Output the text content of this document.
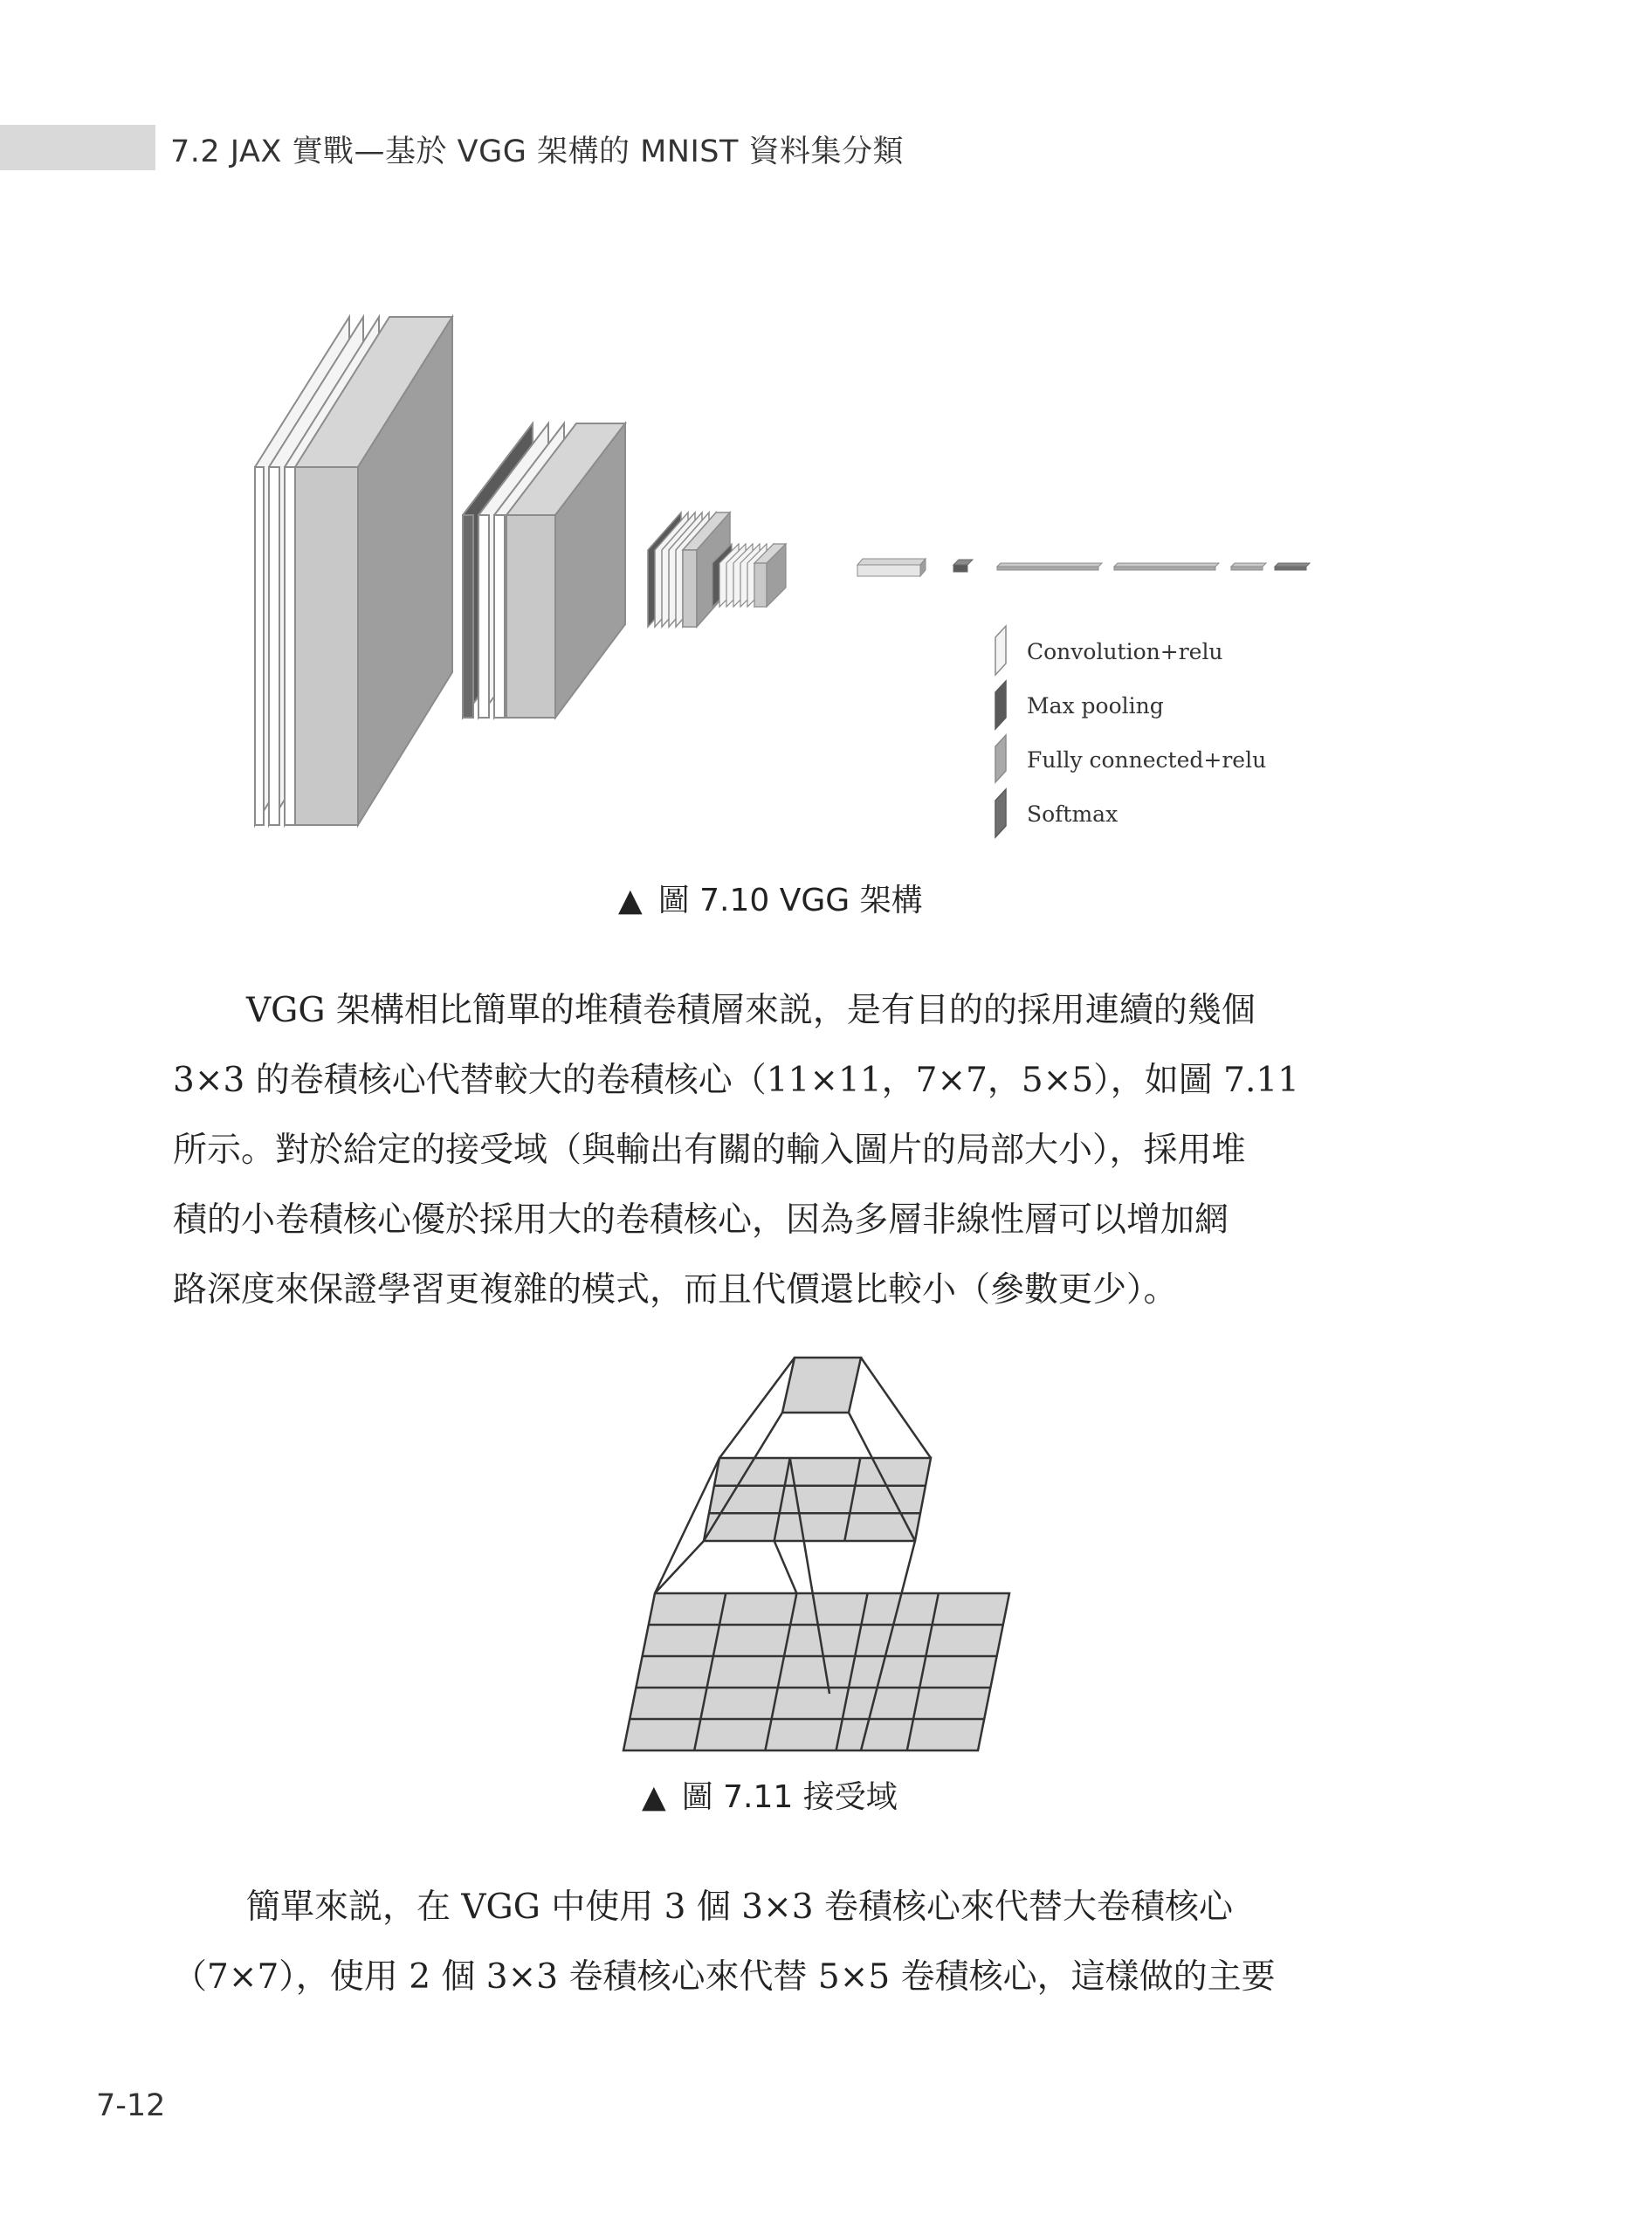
7.2 JAX 實戰—基於 VGG 架構的 MNIST 資料集分類
Convolution+relu
Max pooling
Fully connected+relu
Softmax
▲ 圖 7.10 VGG 架構
VGG 架構相比簡單的堆積卷積層來説，是有目的的採用連續的幾個
3×3 的卷積核心代替較大的卷積核心（11×11，7×7，5×5），如圖 7.11
所示。對於給定的接受域（與輸出有關的輸入圖片的局部大小），採用堆
積的小卷積核心優於採用大的卷積核心，因為多層非線性層可以增加網
路深度來保證學習更複雜的模式，而且代價還比較小（參數更少）。
▲ 圖 7.11 接受域
簡單來説，在 VGG 中使用 3 個 3×3 卷積核心來代替大卷積核心
（7×7），使用 2 個 3×3 卷積核心來代替 5×5 卷積核心，這樣做的主要
7-12
